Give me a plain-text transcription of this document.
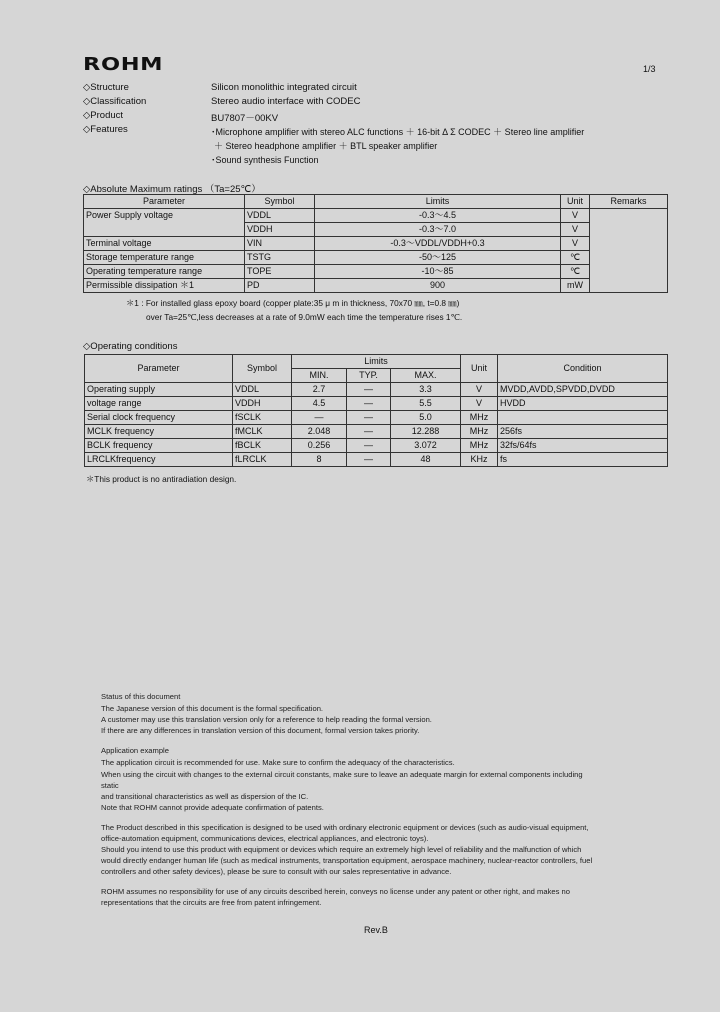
ROHM	1/3
◇Structure	Silicon monolithic integrated circuit
◇Classification	Stereo audio interface with CODEC
◇Product	BU7807－00KV
◇Features	･Microphone amplifier with stereo ALC functions ＋ 16-bit Δ Σ CODEC ＋ Stereo line amplifier
＋ Stereo headphone amplifier ＋ BTL speaker amplifier
･Sound synthesis Function
◇Absolute Maximum ratings （Ta=25℃）
Parameter	Symbol	Limits	Unit	Remarks
Power Supply voltage	VDDL	-0.3～4.5	V	
	VDDH	-0.3～7.0	V	
Terminal voltage	VIN	-0.3～VDDL/VDDH+0.3	V	
Storage temperature range	TSTG	-50～125	℃	
Operating temperature range	TOPE	-10～85	℃	
Permissible dissipation ＊1	PD	900	mW	
＊1 : For installed glass epoxy board (copper plate:35 μ m in thickness, 70x70 ㎜, t=0.8 ㎜)
over Ta=25℃,less decreases at a rate of 9.0mW each time the temperature rises 1℃.
◇Operating conditions
Parameter	Symbol	Limits			Unit	Condition
		MIN.	TYP.	MAX.		
Operating supply	VDDL	2.7	―	3.3	V	MVDD,AVDD,SPVDD,DVDD
voltage range	VDDH	4.5	―	5.5	V	HVDD
Serial clock frequency	fSCLK	―	―	5.0	MHz	
MCLK frequency	fMCLK	2.048	―	12.288	MHz	256fs
BCLK frequency	fBCLK	0.256	―	3.072	MHz	32fs/64fs
LRCLKfrequency	fLRCLK	8	―	48	KHz	fs
＊This product is no antiradiation design.
Status of this document
The Japanese version of this document is the formal specification.
A customer may use this translation version only for a reference to help reading the formal version.
If there are any differences in translation version of this document, formal version takes priority.
Application example
The application circuit is recommended for use. Make sure to confirm the adequacy of the characteristics.
When using the circuit with changes to the external circuit constants, make sure to leave an adequate margin for external components including
static
and transitional characteristics as well as dispersion of the IC.
Note that ROHM cannot provide adequate confirmation of patents.
The Product described in this specification is designed to be used with ordinary electronic equipment or devices (such as audio-visual equipment,
office-automation equipment, communications devices, electrical appliances, and electronic toys).
Should you intend to use this product with equipment or devices which require an extremely high level of reliability and the malfunction of which
would directly endanger human life (such as medical instruments, transportation equipment, aerospace machinery, nuclear-reactor controllers, fuel
controllers and other safety devices), please be sure to consult with our sales representative in advance.
ROHM assumes no responsibility for use of any circuits described herein, conveys no license under any patent or other right, and makes no
representations that the circuits are free from patent infringement.
Rev.B
